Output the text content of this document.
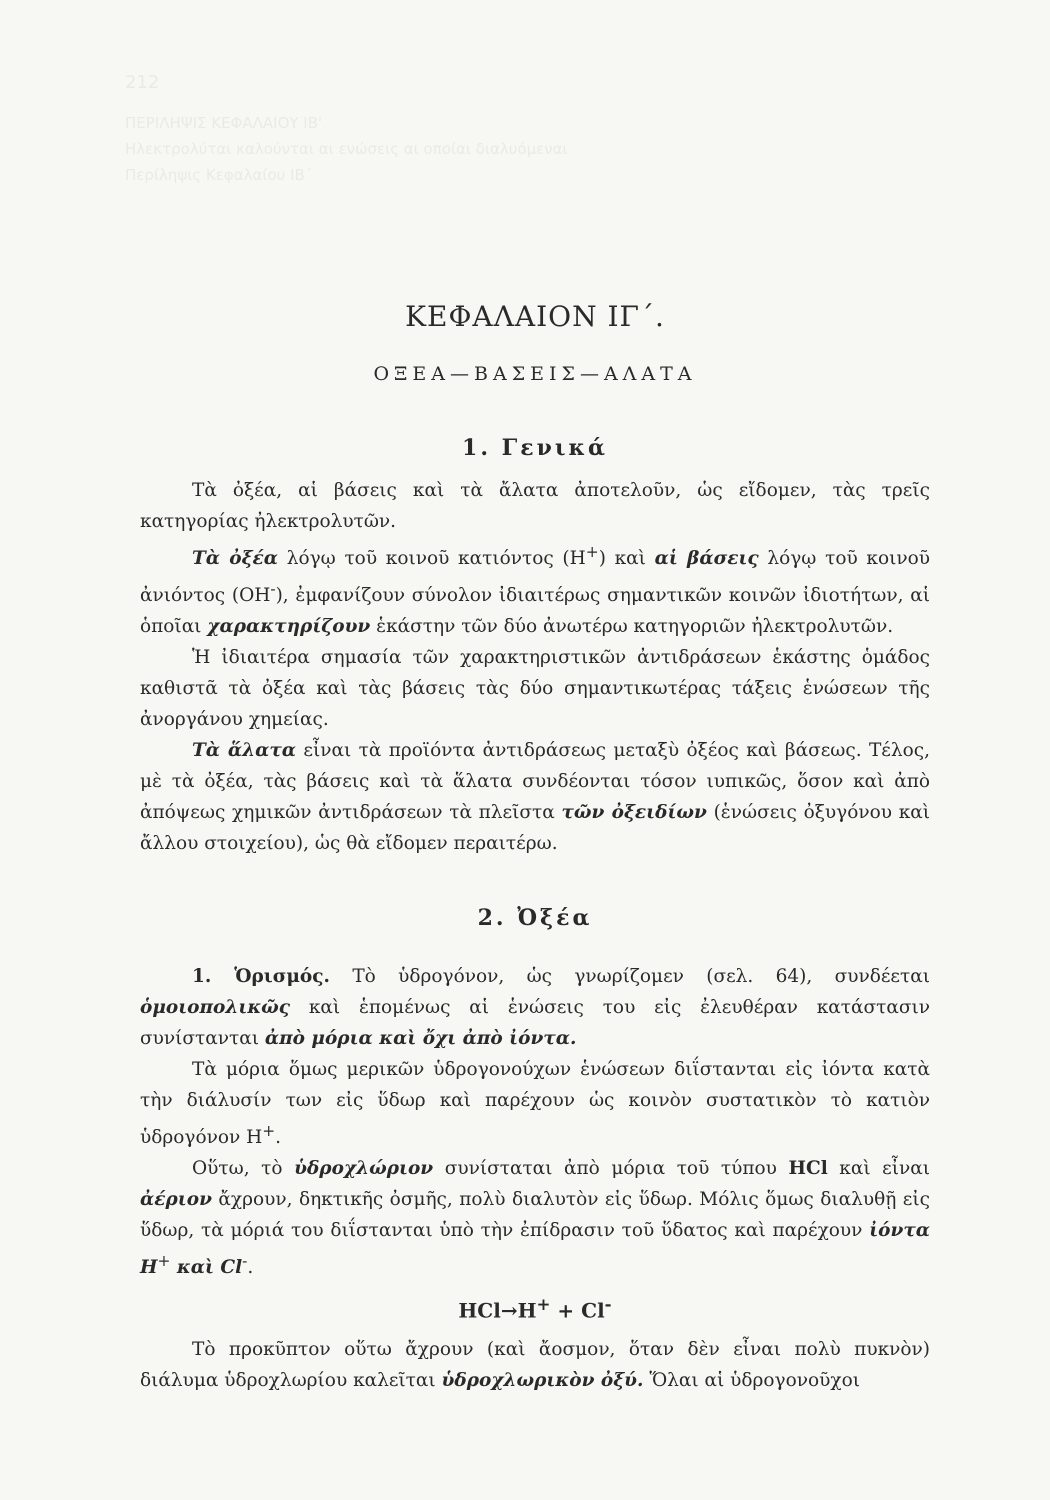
212
ΠΕΡΙΛΗΨΙΣ ΚΕΦΑΛΑΙΟΥ ΙΒ'
Ηλεκτρολύται καλούνται αι ενώσεις αι οποίαι διαλυόμεναι
Περίληψις Κεφαλαίου ΙΒ΄
ΚΕΦΑΛΑΙΟΝ ΙΓ΄.
ΟΞΕΑ—ΒΑΣΕΙΣ—ΑΛΑΤΑ
1. Γενικά

Τὰ ὀξέα, αἱ βάσεις καὶ τὰ ἄλατα ἀποτελοῦν, ὡς εἴδομεν, τὰς τρεῖς κατηγορίας ἠλεκτρολυτῶν.

Τὰ ὀξέα λόγῳ τοῦ κοινοῦ κατιόντος (Η+) καὶ αἱ βάσεις λόγῳ τοῦ κοινοῦ ἀνιόντος (ΟΗ-), ἐμφανίζουν σύνολον ἰδιαιτέρως σημαντικῶν κοινῶν ἰδιοτήτων, αἱ ὁποῖαι χαρακτηρίζουν ἑκάστην τῶν δύο ἀνωτέρω κατηγοριῶν ἠλεκτρολυτῶν.

Ἡ ἰδιαιτέρα σημασία τῶν χαρακτηριστικῶν ἀντιδράσεων ἑκάστης ὁμάδος καθιστᾶ τὰ ὀξέα καὶ τὰς βάσεις τὰς δύο σημαντικωτέρας τάξεις ἑνώσεων τῆς ἀνοργάνου χημείας.

Τὰ ἅλατα εἶναι τὰ προϊόντα ἀντιδράσεως μεταξὺ ὀξέος καὶ βάσεως. Τέλος, μὲ τὰ ὀξέα, τὰς βάσεις καὶ τὰ ἅλατα συνδέονται τόσον ιυπικῶς, ὅσον καὶ ἀπὸ ἀπόψεως χημικῶν ἀντιδράσεων τὰ πλεῖστα τῶν ὀξειδίων (ἑνώσεις ὀξυγόνου καὶ ἄλλου στοιχείου), ὡς θὰ εἴδομεν περαιτέρω.

2. Ὀξέα

1. Ὁρισμός. Τὸ ὑδρογόνον, ὡς γνωρίζομεν (σελ. 64), συνδέεται ὁμοιοπολικῶς καὶ ἑπομένως αἱ ἑνώσεις του εἰς ἐλευθέραν κατάστασιν συνίστανται ἀπὸ μόρια καὶ ὄχι ἀπὸ ἰόντα.

Τὰ μόρια ὅμως μερικῶν ὑδρογονούχων ἑνώσεων διΐστανται εἰς ἰόντα κατὰ τὴν διάλυσίν των εἰς ὕδωρ καὶ παρέχουν ὡς κοινὸν συστατικὸν τὸ κατιὸν ὑδρογόνον Η+.

Οὕτω, τὸ ὑδροχλώριον συνίσταται ἀπὸ μόρια τοῦ τύπου HCl καὶ εἶναι ἀέριον ἄχρουν, δηκτικῆς ὀσμῆς, πολὺ διαλυτὸν εἰς ὕδωρ. Μόλις ὅμως διαλυθῇ εἰς ὕδωρ, τὰ μόριά του διΐστανται ὑπὸ τὴν ἐπίδρασιν τοῦ ὕδατος καὶ παρέχουν ἰόντα Η+ καὶ Cl-.

HCl→H+ + Cl-

Τὸ προκῦπτον οὕτω ἄχρουν (καὶ ἄοσμον, ὅταν δὲν εἶναι πολὺ πυκνὸν) διάλυμα ὑδροχλωρίου καλεῖται ὑδροχλωρικὸν ὀξύ. Ὅλαι αἱ ὑδρογονοῦχοι
